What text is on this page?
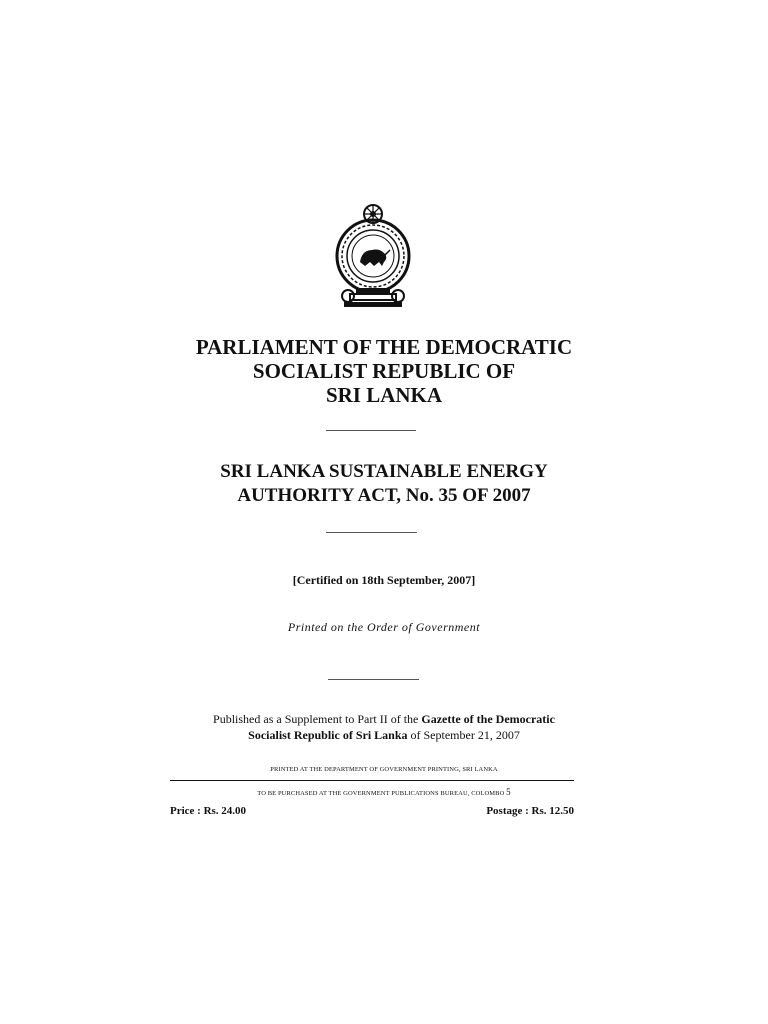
PARLIAMENT OF THE DEMOCRATIC
SOCIALIST REPUBLIC OF
SRI LANKA
SRI LANKA SUSTAINABLE ENERGY
AUTHORITY ACT, No. 35 OF 2007
[Certified on 18th September, 2007]
Printed on the Order of Government
Published as a Supplement to Part II of the Gazette of the Democratic
Socialist Republic of Sri Lanka of September 21, 2007
PRINTED AT THE DEPARTMENT OF GOVERNMENT PRINTING, SRI LANKA
TO BE PURCHASED AT THE GOVERNMENT PUBLICATIONS BUREAU, COLOMBO 5
Price : Rs. 24.00	Postage : Rs. 12.50
